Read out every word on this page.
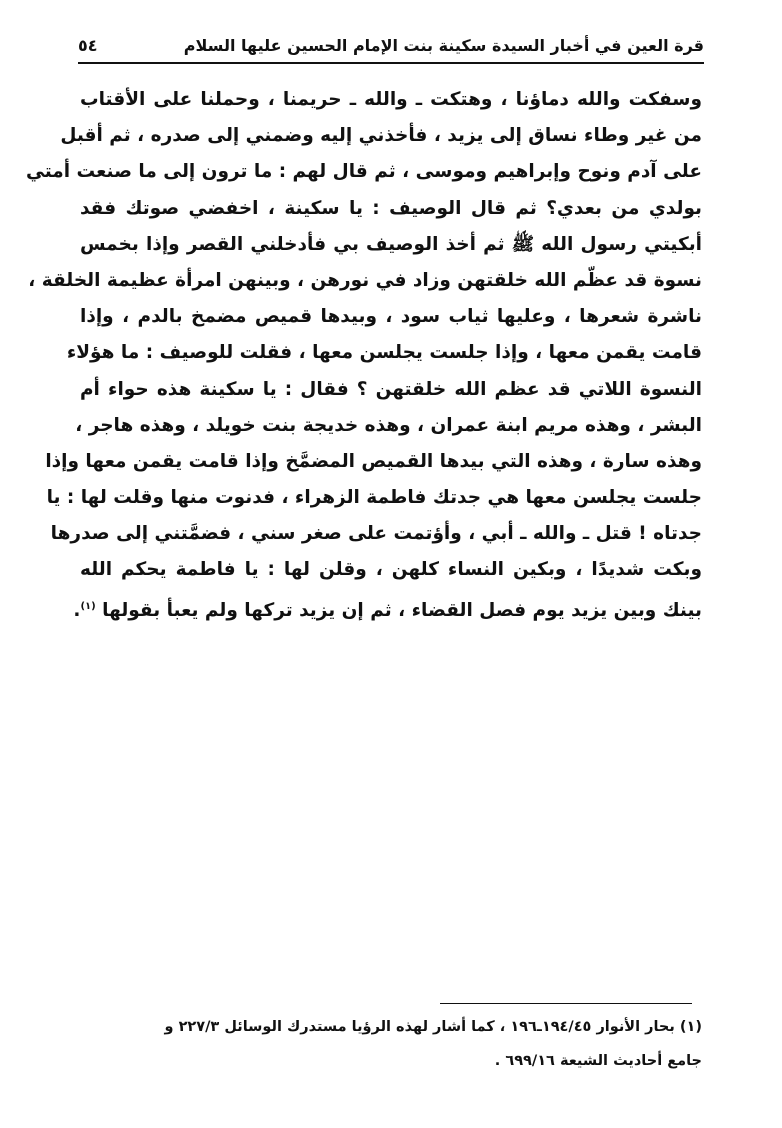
قرة العين في أخبار السيدة سكينة بنت الإمام الحسين عليها السلام
٥٤
وسفكت والله دماؤنا ، وهتكت ـ والله ـ حريمنا ، وحملنا على الأقتاب
من غير وطاء نساق إلى يزيد ، فأخذني إليه وضمني إلى صدره ، ثم أقبل
على آدم ونوح وإبراهيم وموسى ، ثم قال لهم : ما ترون إلى ما صنعت أمتي
بولدي من بعدي؟ ثم قال الوصيف : يا سكينة ، اخفضي صوتك فقد
أبكيتي رسول الله ﷺ ثم أخذ الوصيف بي فأدخلني القصر وإذا بخمس
نسوة قد عظّم الله خلقتهن وزاد في نورهن ، وبينهن امرأة عظيمة الخلقة ،
ناشرة شعرها ، وعليها ثياب سود ، وبيدها قميص مضمخ بالدم ، وإذا
قامت يقمن معها ، وإذا جلست يجلسن معها ، فقلت للوصيف : ما هؤلاء
النسوة اللاتي قد عظم الله خلقتهن ؟ فقال : يا سكينة هذه حواء أم
البشر ، وهذه مريم ابنة عمران ، وهذه خديجة بنت خويلد ، وهذه هاجر ،
وهذه سارة ، وهذه التي بيدها القميص المضمَّخ وإذا قامت يقمن معها وإذا
جلست يجلسن معها هي جدتك فاطمة الزهراء ، فدنوت منها وقلت لها : يا
جدتاه ! قتل ـ والله ـ أبي ، وأؤتمت على صغر سني ، فضمَّتني إلى صدرها
وبكت شديدًا ، وبكين النساء كلهن ، وقلن لها : يا فاطمة يحكم الله
بينك وبين يزيد يوم فصل القضاء ، ثم إن يزيد تركها ولم يعبأ بقولها $^{(١)}$.
(١) بحار الأنوار ١٩٤/٤٥ـ١٩٦ ، كما أشار لهذه الرؤيا مستدرك الوسائل ٢٢٧/٣ و
جامع أحاديث الشيعة ٦٩٩/١٦ .
